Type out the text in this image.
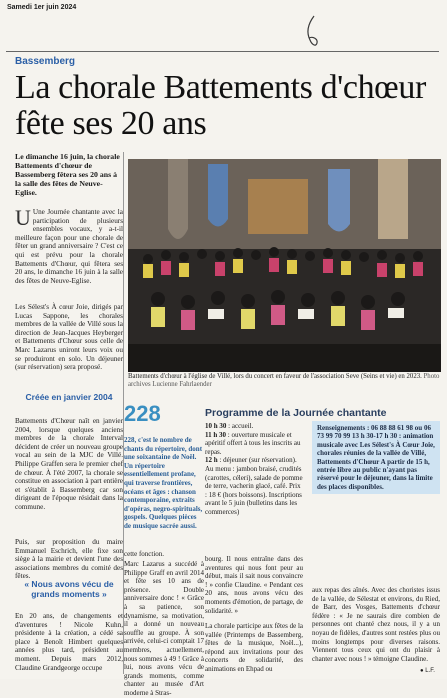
Samedi 1er juin 2024
Bassemberg
La chorale Battements d'chœur fête ses 20 ans
Le dimanche 16 juin, la chorale Battements d'chœur de Bassemberg fêtera ses 20 ans à la salle des fêtes de Neuve-Eglise.
U Une Journée chantante avec la participation de plusieurs ensembles vocaux, y a-t-il meilleure façon pour une chorale de fêter un grand anniversaire ? C'est ce qui est prévu pour la chorale Battements d'Chœur, qui fêtera ses 20 ans, le dimanche 16 juin à la salle des fêtes de Neuve-Eglise.
Les Sélest's À cœur Joie, dirigés par Lucas Sappone, les chorales membres de la vallée de Villé sous la direction de Jean-Jacques Heyberger et Battements d'Chœur sous celle de Marc Lazarus uniront leurs voix ou se produiront en solo. Un déjeuner (sur réservation) sera proposé.
Créée en janvier 2004
Battements d'Chœur naît en janvier 2004, lorsque quelques anciens membres de la chorale Interval décident de créer un nouveau groupe vocal au sein de la MJC de Villé. Philippe Graffen sera le premier chef de chœur. À l'été 2007, la chorale se constitue en association à part entière et s'établit à Bassemberg car son dirigeant de l'époque résidait dans la commune.
Puis, sur proposition du maire Emmanuel Eschrich, elle fixe son siège à la mairie et devient l'une des associations membres du comité des fêtes.
« Nous avons vécu de grands moments »
En 20 ans, de changements et d'aventures ! Nicole Kuhn, présidente à la création, a cédé sa place à Benoît Himbert quelques années plus tard, président au moment. Depuis mars 2012, Claudine Grandgeorge occupe
Battements d'chœur à l'église de Villé, lors du concert en faveur de l'association Seve (Seins et vie) en 2023. Photo archives Lucienne Fahrlaender
228
228, c'est le nombre de chants du répertoire, dont une soixantaine de Noël. Un répertoire essentiellement profane, qui traverse frontières, océans et âges : chanson contemporaine, extraits d'opéras, negro-spirituals, gospels. Quelques pièces de musique sacrée aussi.
cette fonction.
Marc Lazarus a succédé à Philippe Graff en avril 2014 et fête ses 10 ans de présence. Double anniversaire donc ! « Grâce à sa patience, son dynamisme, sa motivation, il a donné un nouveau souffle au groupe. À son arrivée, celui-ci comptait 17 membres, actuellement, nous sommes à 49 ! Grâce à lui, nous avons vécu de grands moments, comme chanter au musée d'Art moderne à Stras-
Programme de la Journée chantante
10 h 30 : accueil.
11 h 30 : ouverture musicale et apéritif offert à tous les inscrits au repas.
12 h : déjeuner (sur réservation). Au menu : jambon braisé, crudités (carottes, céleri), salade de pomme de terre, vacherin glacé, café. Prix : 18 € (hors boissons). Inscriptions avant le 5 juin (bulletins dans les commerces)
bourg. Il nous entraîne dans des aventures qui nous font peur au début, mais il sait nous convaincre ! » confie Claudine. « Pendant ces 20 ans, nous avons vécu des moments d'émotion, de partage, de solidarité. »
La chorale participe aux fêtes de la vallée (Printemps de Bassemberg, fêtes de la musique, Noël...), répond aux invitations pour des concerts de solidarité, des animations en Ehpad ou
Renseignements : 06 88 88 61 98 ou 06 73 99 70 99 13 h 30-17 h 30 : animation musicale avec Les Sélest's À Cœur Joie, chorales réunies de la vallée de Villé, Battements d'Chœur A partir de 15 h, entrée libre au public n'ayant pas réservé pour le déjeuner, dans la limite des places disponibles.
aux repas des aînés. Avec des choristes issus de la vallée, de Sélestat et environs, du Ried, de Barr, des Vosges, Battements d'chœur fédère : « Je ne saurais dire combien de personnes ont chanté chez nous, il y a un noyau de fidèles, d'autres sont restées plus ou moins longtemps pour diverses raisons. Viennent tous ceux qui ont du plaisir à chanter avec nous ! » témoigne Claudine.
● L.F.
